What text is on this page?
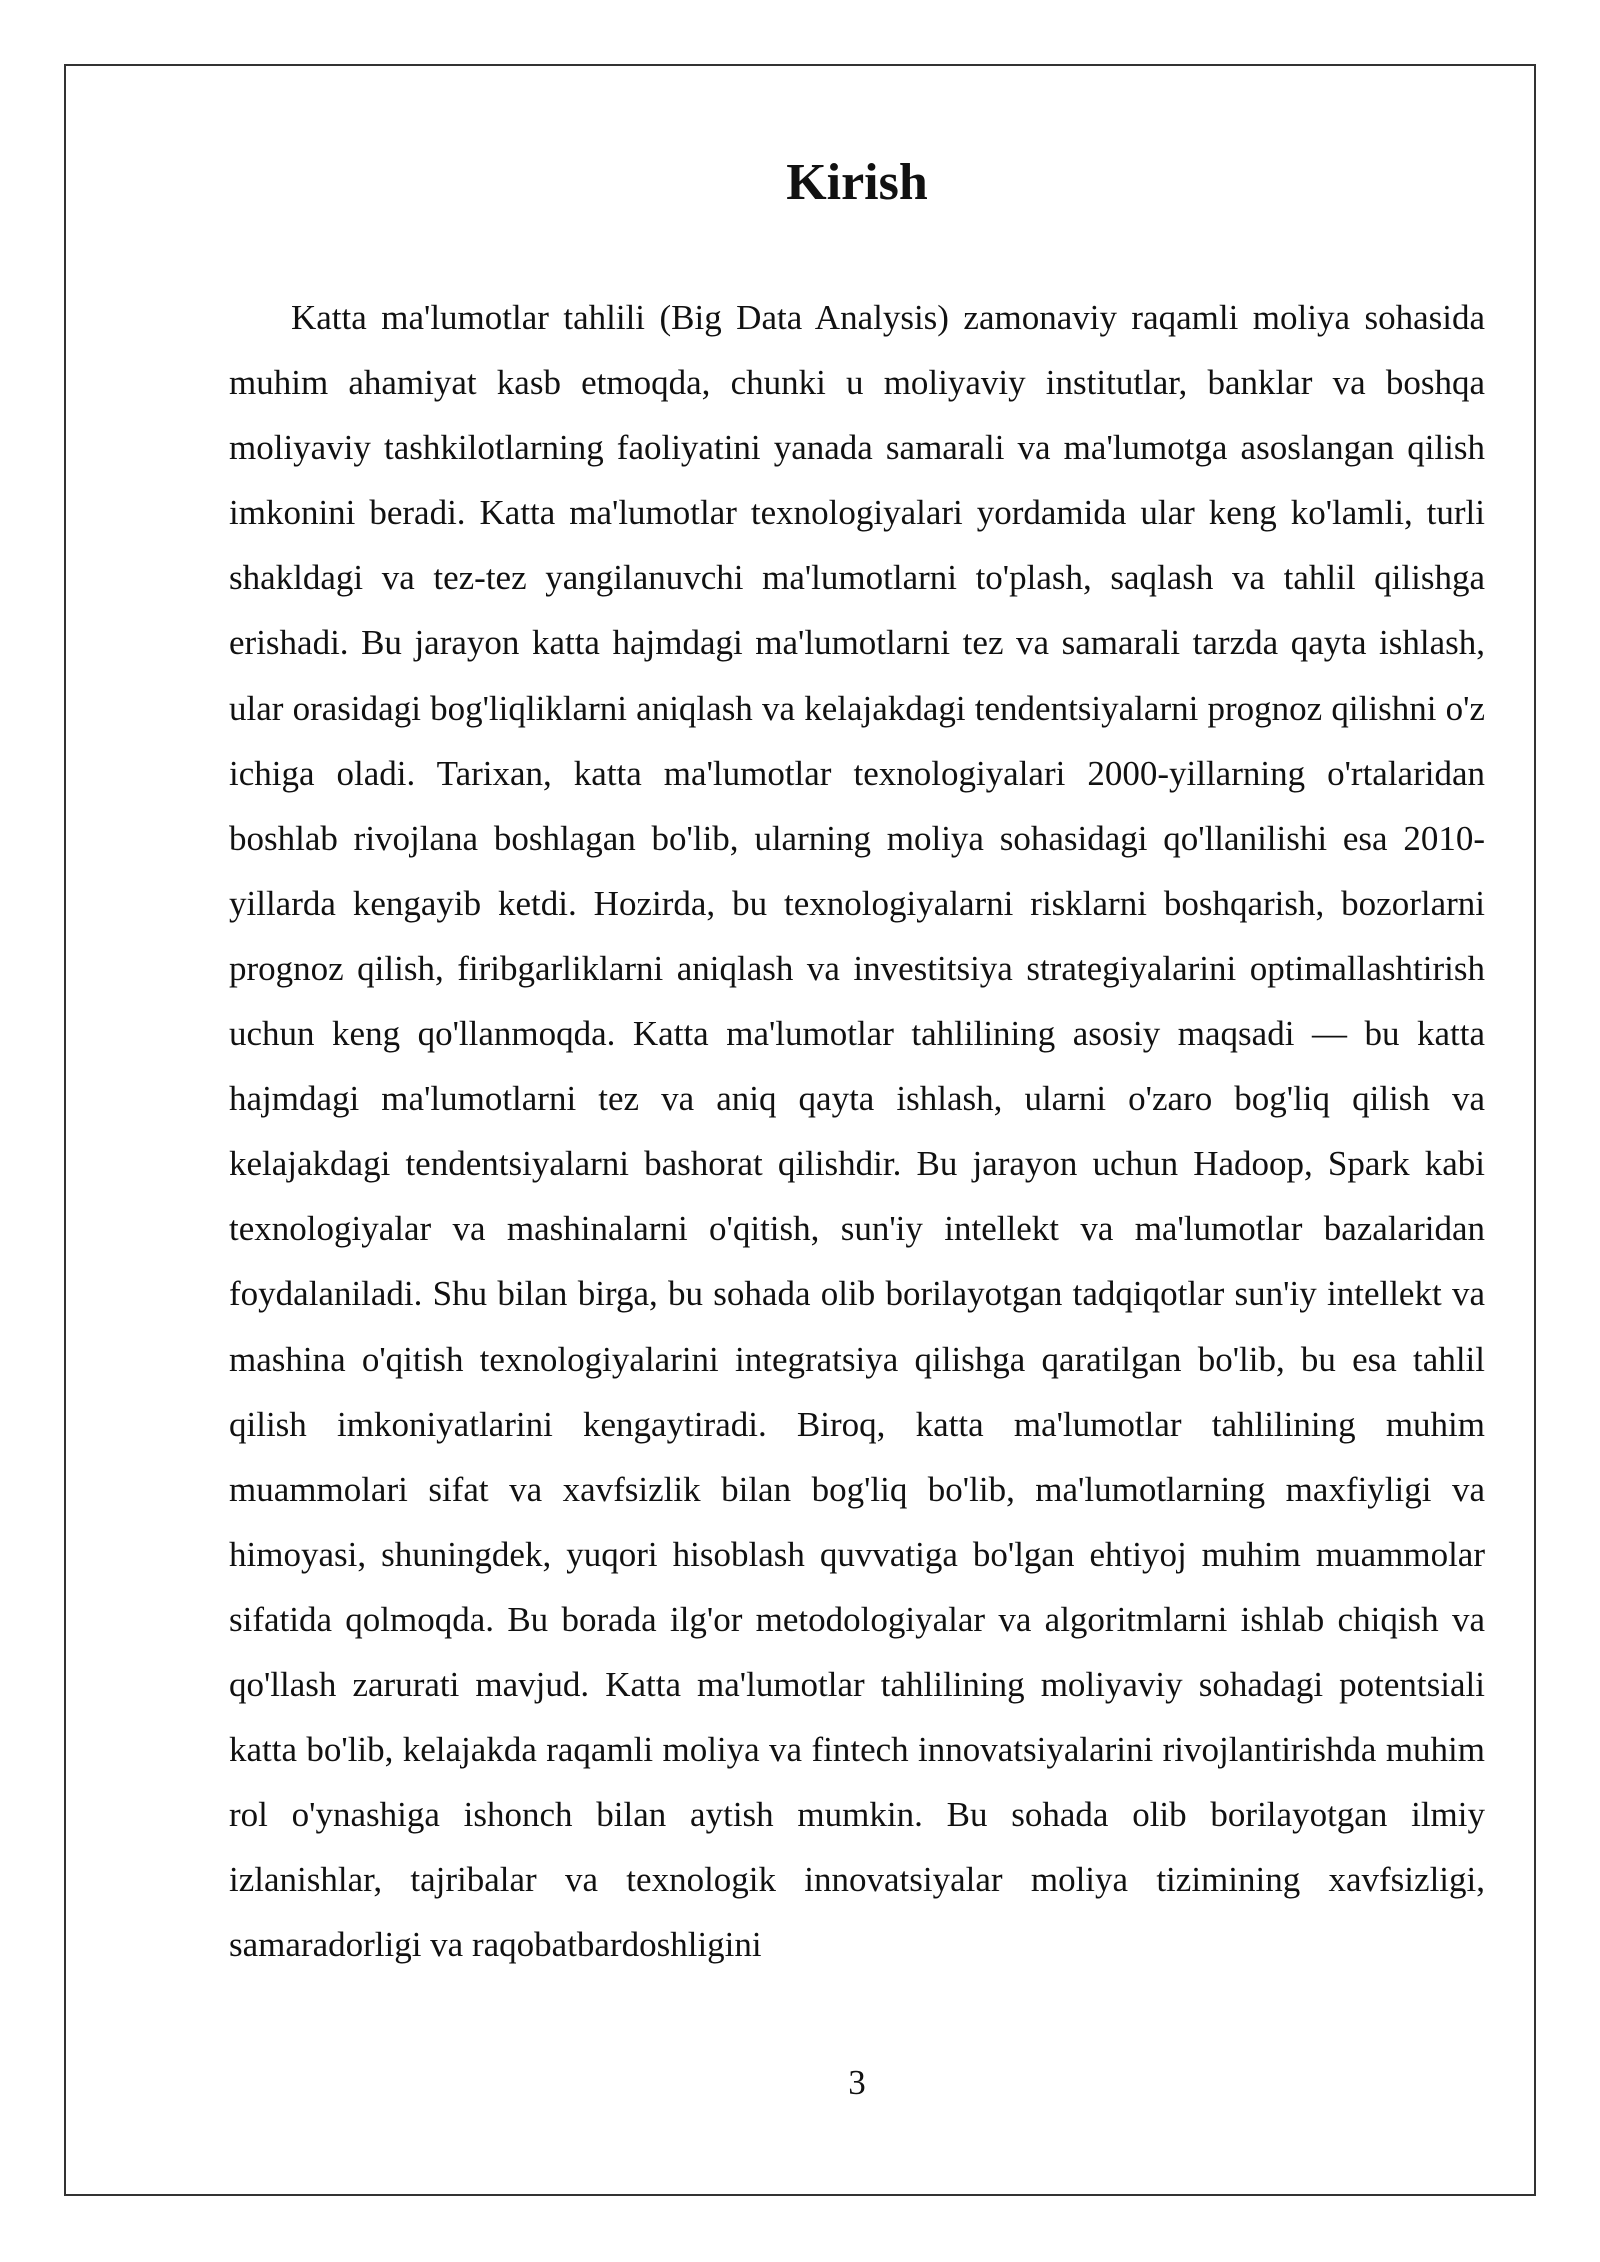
Kirish

Katta ma'lumotlar tahlili (Big Data Analysis) zamonaviy raqamli moliya sohasida muhim ahamiyat kasb etmoqda, chunki u moliyaviy institutlar, banklar va boshqa moliyaviy tashkilotlarning faoliyatini yanada samarali va ma'lumotga asoslangan qilish imkonini beradi. Katta ma'lumotlar texnologiyalari yordamida ular keng ko'lamli, turli shakldagi va tez-tez yangilanuvchi ma'lumotlarni to'plash, saqlash va tahlil qilishga erishadi. Bu jarayon katta hajmdagi ma'lumotlarni tez va samarali tarzda qayta ishlash, ular orasidagi bog'liqliklarni aniqlash va kelajakdagi tendentsiyalarni prognoz qilishni o'z ichiga oladi. Tarixan, katta ma'lumotlar texnologiyalari 2000-yillarning o'rtalaridan boshlab rivojlana boshlagan bo'lib, ularning moliya sohasidagi qo'llanilishi esa 2010-yillarda kengayib ketdi. Hozirda, bu texnologiyalarni risklarni boshqarish, bozorlarni prognoz qilish, firibgarliklarni aniqlash va investitsiya strategiyalarini optimallashtirish uchun keng qo'llanmoqda. Katta ma'lumotlar tahlilining asosiy maqsadi — bu katta hajmdagi ma'lumotlarni tez va aniq qayta ishlash, ularni o'zaro bog'liq qilish va kelajakdagi tendentsiyalarni bashorat qilishdir. Bu jarayon uchun Hadoop, Spark kabi texnologiyalar va mashinalarni o'qitish, sun'iy intellekt va ma'lumotlar bazalaridan foydalaniladi. Shu bilan birga, bu sohada olib borilayotgan tadqiqotlar sun'iy intellekt va mashina o'qitish texnologiyalarini integratsiya qilishga qaratilgan bo'lib, bu esa tahlil qilish imkoniyatlarini kengaytiradi. Biroq, katta ma'lumotlar tahlilining muhim muammolari sifat va xavfsizlik bilan bog'liq bo'lib, ma'lumotlarning maxfiyligi va himoyasi, shuningdek, yuqori hisoblash quvvatiga bo'lgan ehtiyoj muhim muammolar sifatida qolmoqda. Bu borada ilg'or metodologiyalar va algoritmlarni ishlab chiqish va qo'llash zarurati mavjud. Katta ma'lumotlar tahlilining moliyaviy sohadagi potentsiali katta bo'lib, kelajakda raqamli moliya va fintech innovatsiyalarini rivojlantirishda muhim rol o'ynashiga ishonch bilan aytish mumkin. Bu sohada olib borilayotgan ilmiy izlanishlar, tajribalar va texnologik innovatsiyalar moliya tizimining xavfsizligi, samaradorligi va raqobatbardoshligini

3
